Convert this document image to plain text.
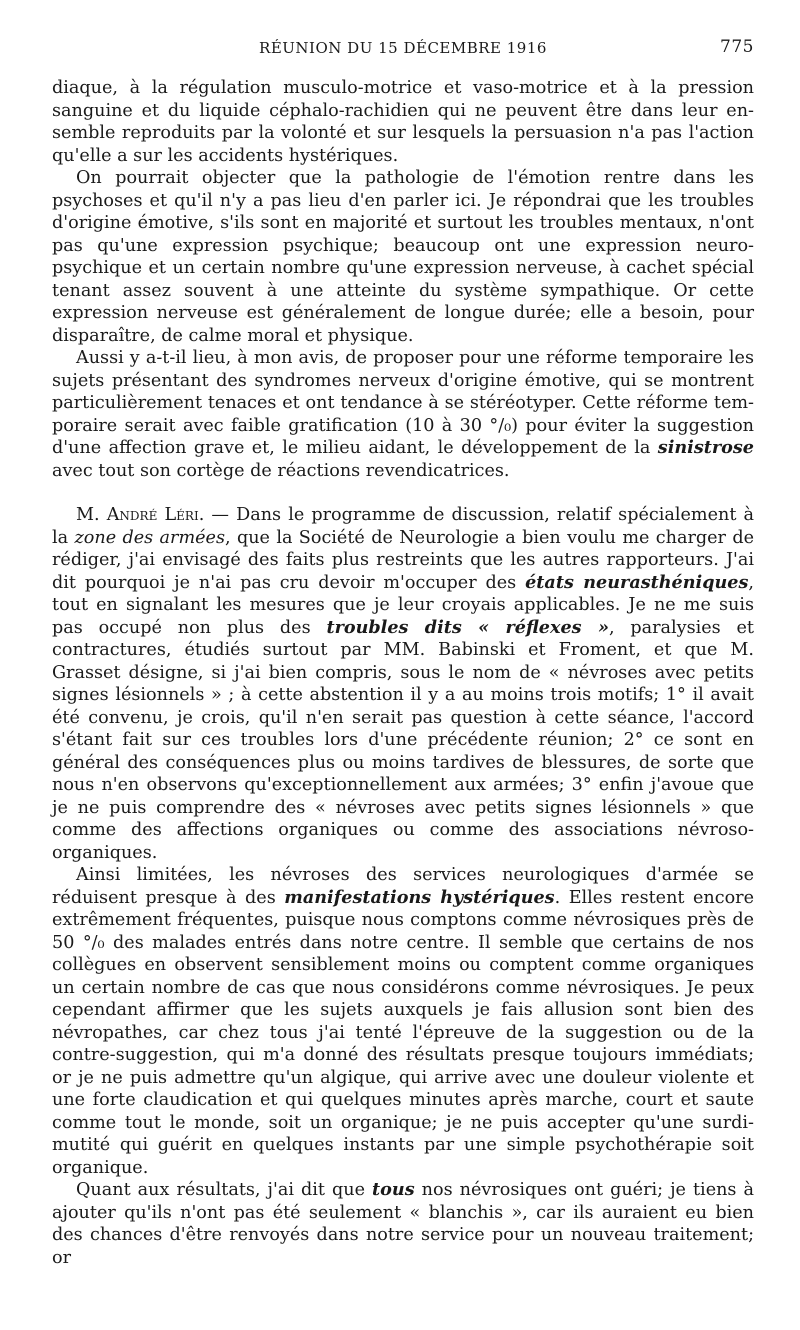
RÉUNION DU 15 DÉCEMBRE 1916	775

diaque, à la régulation musculo-motrice et vaso-motrice et à la pression sanguine et du liquide céphalo-rachidien qui ne peuvent être dans leur ensemble reproduits par la volonté et sur lesquels la persuasion n'a pas l'action qu'elle a sur les accidents hystériques.

On pourrait objecter que la pathologie de l'émotion rentre dans les psychoses et qu'il n'y a pas lieu d'en parler ici. Je répondrai que les troubles d'origine émotive, s'ils sont en majorité et surtout les troubles mentaux, n'ont pas qu'une expression psychique; beaucoup ont une expression neuro-psychique et un certain nombre qu'une expression nerveuse, à cachet spécial tenant assez souvent à une atteinte du système sympathique. Or cette expression nerveuse est généralement de longue durée; elle a besoin, pour disparaître, de calme moral et physique.

Aussi y a-t-il lieu, à mon avis, de proposer pour une réforme temporaire les sujets présentant des syndromes nerveux d'origine émotive, qui se montrent particulièrement tenaces et ont tendance à se stéréotyper. Cette réforme temporaire serait avec faible gratification (10 à 30 °/₀) pour éviter la suggestion d'une affection grave et, le milieu aidant, le développement de la sinistrose avec tout son cortège de réactions revendicatrices.

M. André Léri. — Dans le programme de discussion, relatif spécialement à la zone des armées, que la Société de Neurologie a bien voulu me charger de rédiger, j'ai envisagé des faits plus restreints que les autres rapporteurs. J'ai dit pourquoi je n'ai pas cru devoir m'occuper des états neurasthéniques, tout en signalant les mesures que je leur croyais applicables. Je ne me suis pas occupé non plus des troubles dits « réflexes », paralysies et contractures, étudiés surtout par MM. Babinski et Froment, et que M. Grasset désigne, si j'ai bien compris, sous le nom de « névroses avec petits signes lésionnels » ; à cette abstention il y a au moins trois motifs; 1° il avait été convenu, je crois, qu'il n'en serait pas question à cette séance, l'accord s'étant fait sur ces troubles lors d'une précédente réunion; 2° ce sont en général des conséquences plus ou moins tardives de blessures, de sorte que nous n'en observons qu'exceptionnellement aux armées; 3° enfin j'avoue que je ne puis comprendre des « névroses avec petits signes lésionnels » que comme des affections organiques ou comme des associations névroso-organiques.

Ainsi limitées, les névroses des services neurologiques d'armée se réduisent presque à des manifestations hystériques. Elles restent encore extrêmement fréquentes, puisque nous comptons comme névrosiques près de 50 °/₀ des malades entrés dans notre centre. Il semble que certains de nos collègues en observent sensiblement moins ou comptent comme organiques un certain nombre de cas que nous considérons comme névrosiques. Je peux cependant affirmer que les sujets auxquels je fais allusion sont bien des névropathes, car chez tous j'ai tenté l'épreuve de la suggestion ou de la contre-suggestion, qui m'a donné des résultats presque toujours immédiats; or je ne puis admettre qu'un algique, qui arrive avec une douleur violente et une forte claudication et qui quelques minutes après marche, court et saute comme tout le monde, soit un organique; je ne puis accepter qu'une surdi-mutité qui guérit en quelques instants par une simple psychothérapie soit organique.

Quant aux résultats, j'ai dit que tous nos névrosiques ont guéri; je tiens à ajouter qu'ils n'ont pas été seulement « blanchis », car ils auraient eu bien des chances d'être renvoyés dans notre service pour un nouveau traitement; or
